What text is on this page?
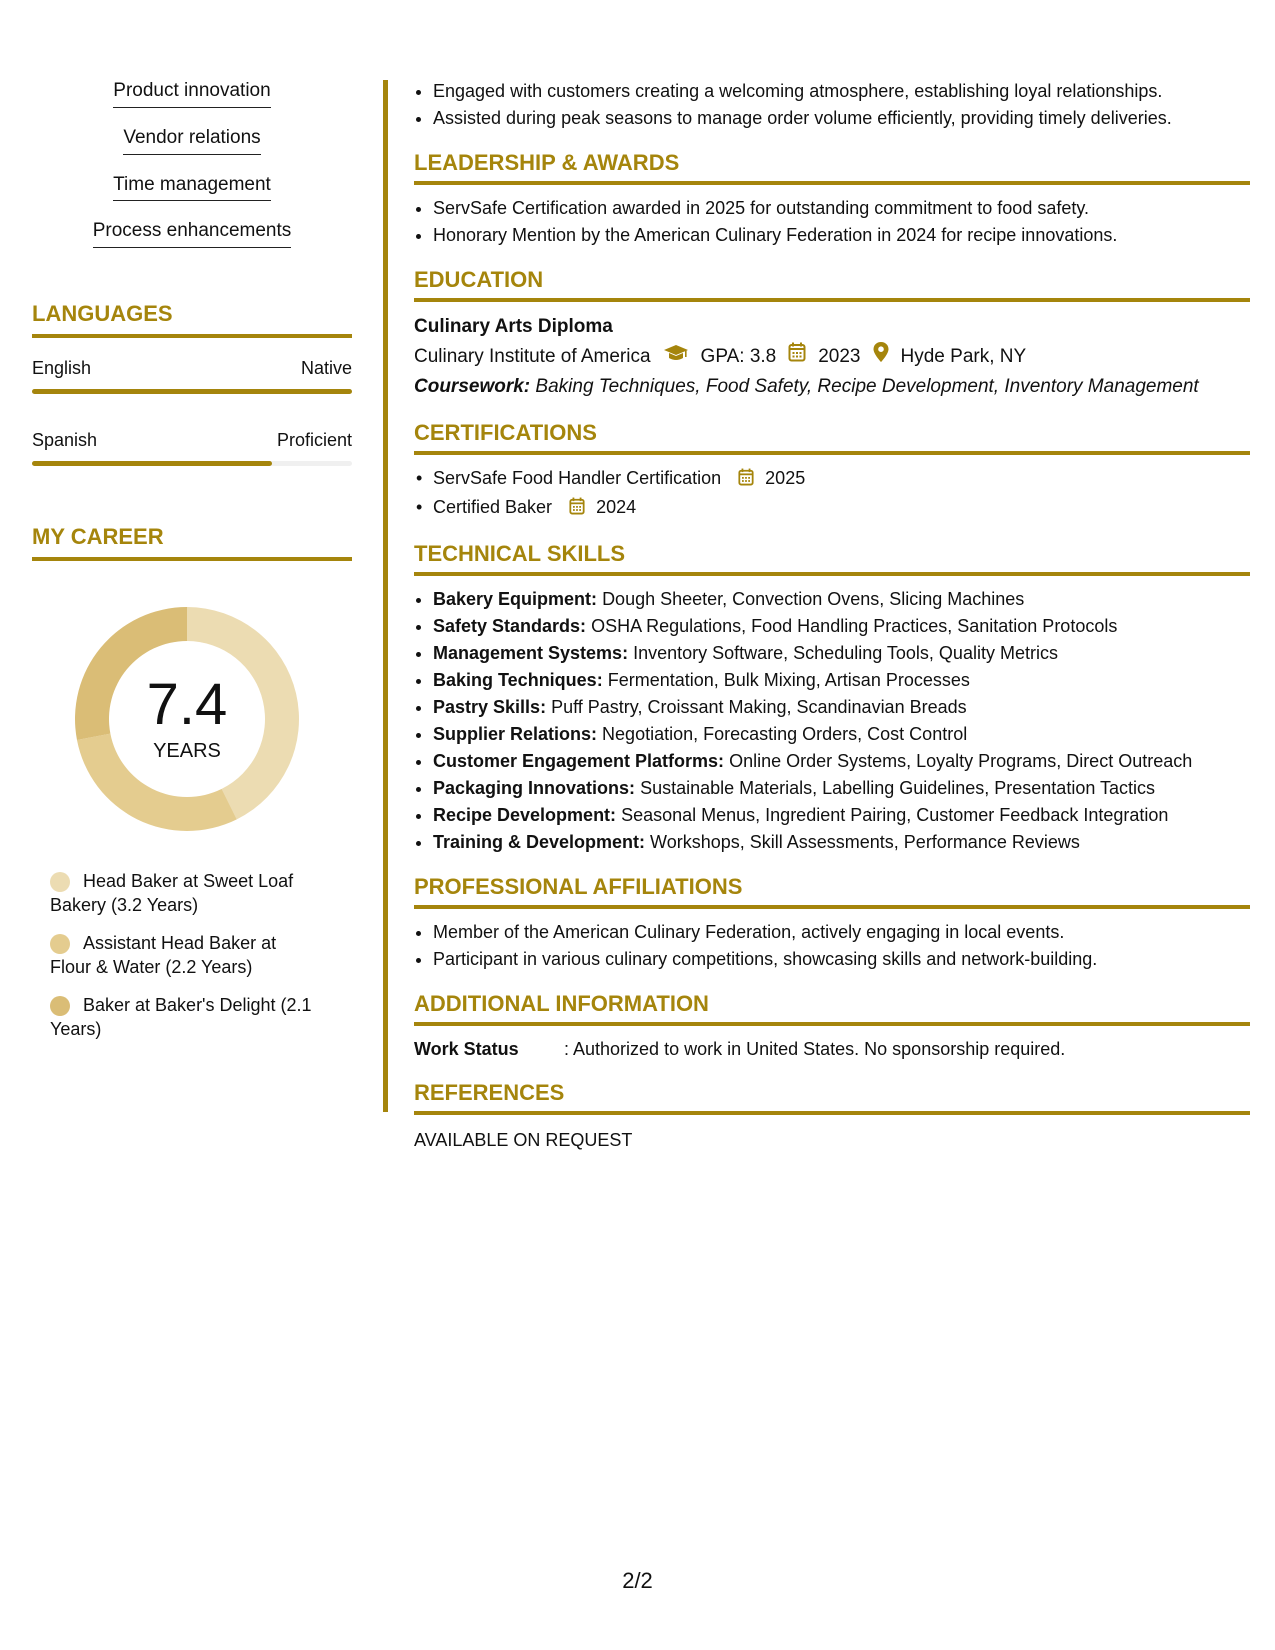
Product innovation
Vendor relations
Time management
Process enhancements
LANGUAGES
English	Native
Spanish	Proficient
MY CAREER
7.4
YEARS
Head Baker at Sweet Loaf Bakery (3.2 Years)
Assistant Head Baker at Flour & Water (2.2 Years)
Baker at Baker's Delight (2.1 Years)
• Engaged with customers creating a welcoming atmosphere, establishing loyal relationships.
• Assisted during peak seasons to manage order volume efficiently, providing timely deliveries.
LEADERSHIP & AWARDS
• ServSafe Certification awarded in 2025 for outstanding commitment to food safety.
• Honorary Mention by the American Culinary Federation in 2024 for recipe innovations.
EDUCATION
Culinary Arts Diploma
Culinary Institute of America	GPA: 3.8 2023 Hyde Park, NY
Coursework: Baking Techniques, Food Safety, Recipe Development, Inventory Management
CERTIFICATIONS
• ServSafe Food Handler Certification 2025
• Certified Baker 2024
TECHNICAL SKILLS
• Bakery Equipment: Dough Sheeter, Convection Ovens, Slicing Machines
• Safety Standards: OSHA Regulations, Food Handling Practices, Sanitation Protocols
• Management Systems: Inventory Software, Scheduling Tools, Quality Metrics
• Baking Techniques: Fermentation, Bulk Mixing, Artisan Processes
• Pastry Skills: Puff Pastry, Croissant Making, Scandinavian Breads
• Supplier Relations: Negotiation, Forecasting Orders, Cost Control
• Customer Engagement Platforms: Online Order Systems, Loyalty Programs, Direct Outreach
• Packaging Innovations: Sustainable Materials, Labelling Guidelines, Presentation Tactics
• Recipe Development: Seasonal Menus, Ingredient Pairing, Customer Feedback Integration
• Training & Development: Workshops, Skill Assessments, Performance Reviews
PROFESSIONAL AFFILIATIONS
• Member of the American Culinary Federation, actively engaging in local events.
• Participant in various culinary competitions, showcasing skills and network-building.
ADDITIONAL INFORMATION
Work Status	: Authorized to work in United States. No sponsorship required.
REFERENCES
AVAILABLE ON REQUEST
2/2
